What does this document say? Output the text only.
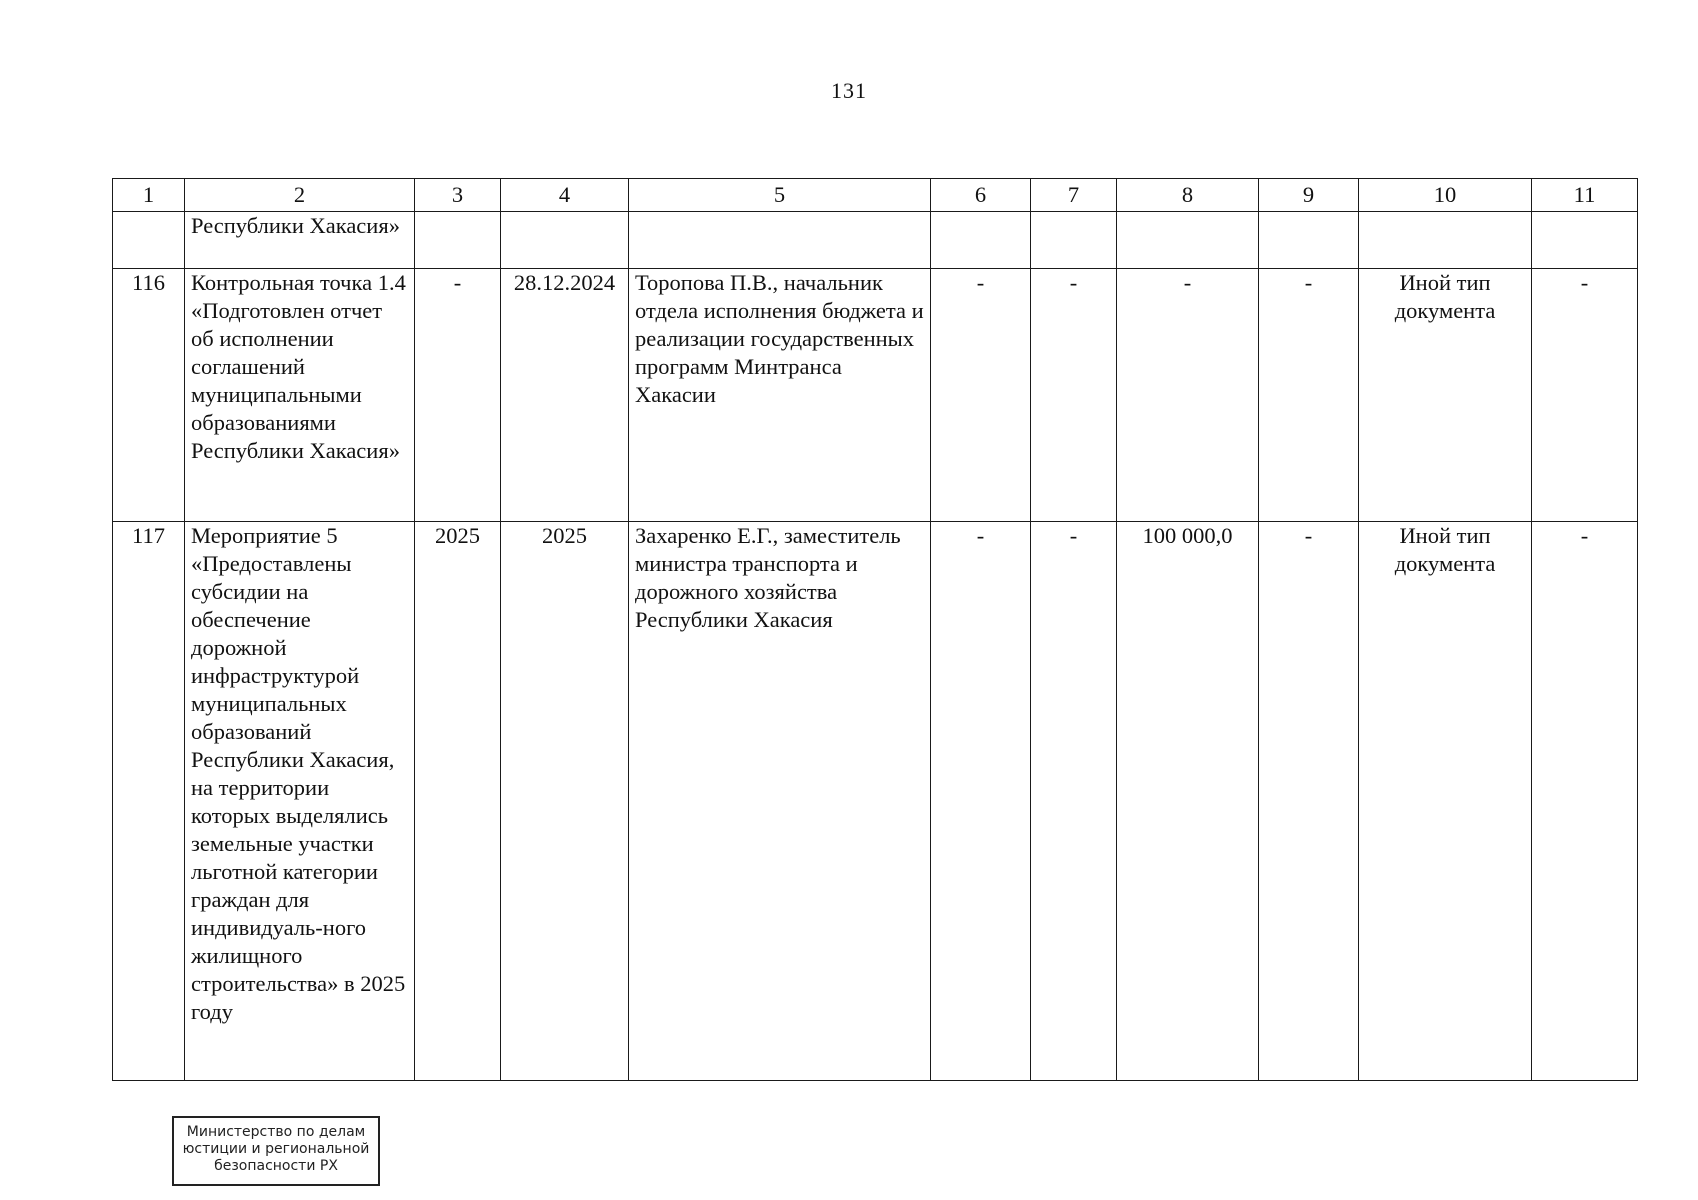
131
1	2	3	4	5	6	7	8	9	10	11
	Республики Хакасия»									
116	Контрольная точка 1.4 «Подготовлен отчет об исполнении соглашений муниципальными образованиями Республики Хакасия»	-	28.12.2024	Торопова П.В., начальник отдела исполнения бюджета и реализации государственных программ Минтранса Хакасии	-	-	-	-	Иной тип документа	-
117	Мероприятие 5 «Предоставлены субсидии на обеспечение дорожной инфраструктурой муниципальных образований Республики Хакасия, на территории которых выделялись земельные участки льготной категории граждан для индивидуаль-ного жилищного строительства» в 2025 году	2025	2025	Захаренко Е.Г., заместитель министра транспорта и дорожного хозяйства Республики Хакасия	-	-	100 000,0	-	Иной тип документа	-
Министерство по делам
юстиции и региональной
безопасности РХ
